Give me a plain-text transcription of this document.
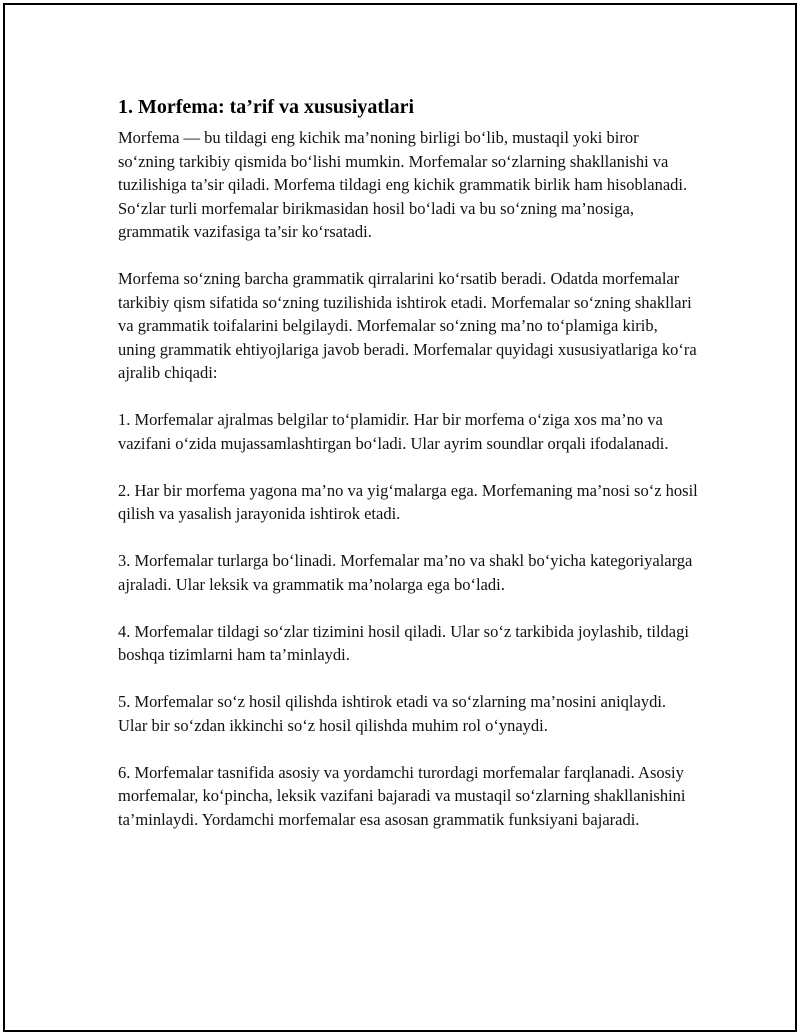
1. Morfema: ta’rif va xususiyatlari

Morfema — bu tildagi eng kichik ma’noning birligi bo‘lib, mustaqil yoki biror so‘zning tarkibiy qismida bo‘lishi mumkin. Morfemalar so‘zlarning shakllanishi va tuzilishiga ta’sir qiladi. Morfema tildagi eng kichik grammatik birlik ham hisoblanadi. So‘zlar turli morfemalar birikmasidan hosil bo‘ladi va bu so‘zning ma’nosiga, grammatik vazifasiga ta’sir ko‘rsatadi.

Morfema so‘zning barcha grammatik qirralarini ko‘rsatib beradi. Odatda morfemalar tarkibiy qism sifatida so‘zning tuzilishida ishtirok etadi. Morfemalar so‘zning shakllari va grammatik toifalarini belgilaydi. Morfemalar so‘zning ma’no to‘plamiga kirib, uning grammatik ehtiyojlariga javob beradi. Morfemalar quyidagi xususiyatlariga ko‘ra ajralib chiqadi:

1. Morfemalar ajralmas belgilar to‘plamidir. Har bir morfema o‘ziga xos ma’no va vazifani o‘zida mujassamlashtirgan bo‘ladi. Ular ayrim soundlar orqali ifodalanadi.

2. Har bir morfema yagona ma’no va yig‘malarga ega. Morfemaning ma’nosi so‘z hosil qilish va yasalish jarayonida ishtirok etadi.

3. Morfemalar turlarga bo‘linadi. Morfemalar ma’no va shakl bo‘yicha kategoriyalarga ajraladi. Ular leksik va grammatik ma’nolarga ega bo‘ladi.

4. Morfemalar tildagi so‘zlar tizimini hosil qiladi. Ular so‘z tarkibida joylashib, tildagi boshqa tizimlarni ham ta’minlaydi.

5. Morfemalar so‘z hosil qilishda ishtirok etadi va so‘zlarning ma’nosini aniqlaydi. Ular bir so‘zdan ikkinchi so‘z hosil qilishda muhim rol o‘ynaydi.

6. Morfemalar tasnifida asosiy va yordamchi turordagi morfemalar farqlanadi. Asosiy morfemalar, ko‘pincha, leksik vazifani bajaradi va mustaqil so‘zlarning shakllanishini ta’minlaydi. Yordamchi morfemalar esa asosan grammatik funksiyani bajaradi.
